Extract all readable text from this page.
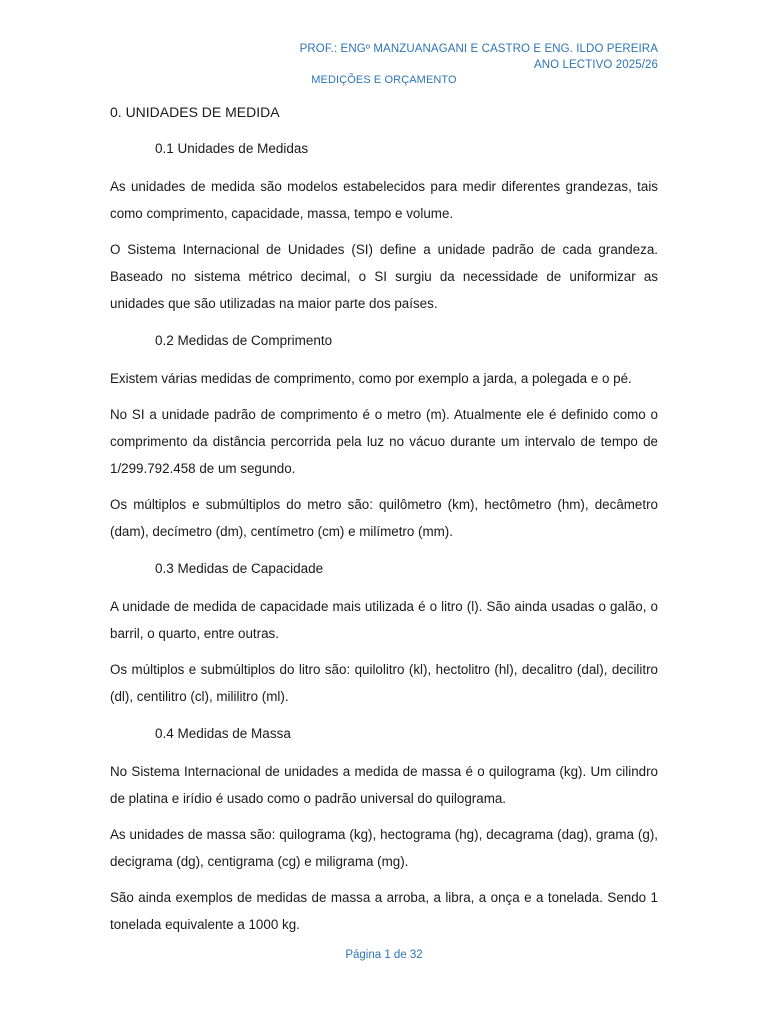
PROF.: ENGº MANZUANAGANI E CASTRO E ENG. ILDO PEREIRA
ANO LECTIVO 2025/26
MEDIÇÕES E ORÇAMENTO
0. UNIDADES DE MEDIDA
0.1 Unidades de Medidas

As unidades de medida são modelos estabelecidos para medir diferentes grandezas, tais como comprimento, capacidade, massa, tempo e volume.

O Sistema Internacional de Unidades (SI) define a unidade padrão de cada grandeza. Baseado no sistema métrico decimal, o SI surgiu da necessidade de uniformizar as unidades que são utilizadas na maior parte dos países.

0.2 Medidas de Comprimento

Existem várias medidas de comprimento, como por exemplo a jarda, a polegada e o pé.

No SI a unidade padrão de comprimento é o metro (m). Atualmente ele é definido como o comprimento da distância percorrida pela luz no vácuo durante um intervalo de tempo de 1/299.792.458 de um segundo.

Os múltiplos e submúltiplos do metro são: quilômetro (km), hectômetro (hm), decâmetro (dam), decímetro (dm), centímetro (cm) e milímetro (mm).

0.3 Medidas de Capacidade

A unidade de medida de capacidade mais utilizada é o litro (l). São ainda usadas o galão, o barril, o quarto, entre outras.

Os múltiplos e submúltiplos do litro são: quilolitro (kl), hectolitro (hl), decalitro (dal), decilitro (dl), centilitro (cl), mililitro (ml).

0.4 Medidas de Massa

No Sistema Internacional de unidades a medida de massa é o quilograma (kg). Um cilindro de platina e irídio é usado como o padrão universal do quilograma.

As unidades de massa são: quilograma (kg), hectograma (hg), decagrama (dag), grama (g), decigrama (dg), centigrama (cg) e miligrama (mg).

São ainda exemplos de medidas de massa a arroba, a libra, a onça e a tonelada. Sendo 1 tonelada equivalente a 1000 kg.

Página 1 de 32
